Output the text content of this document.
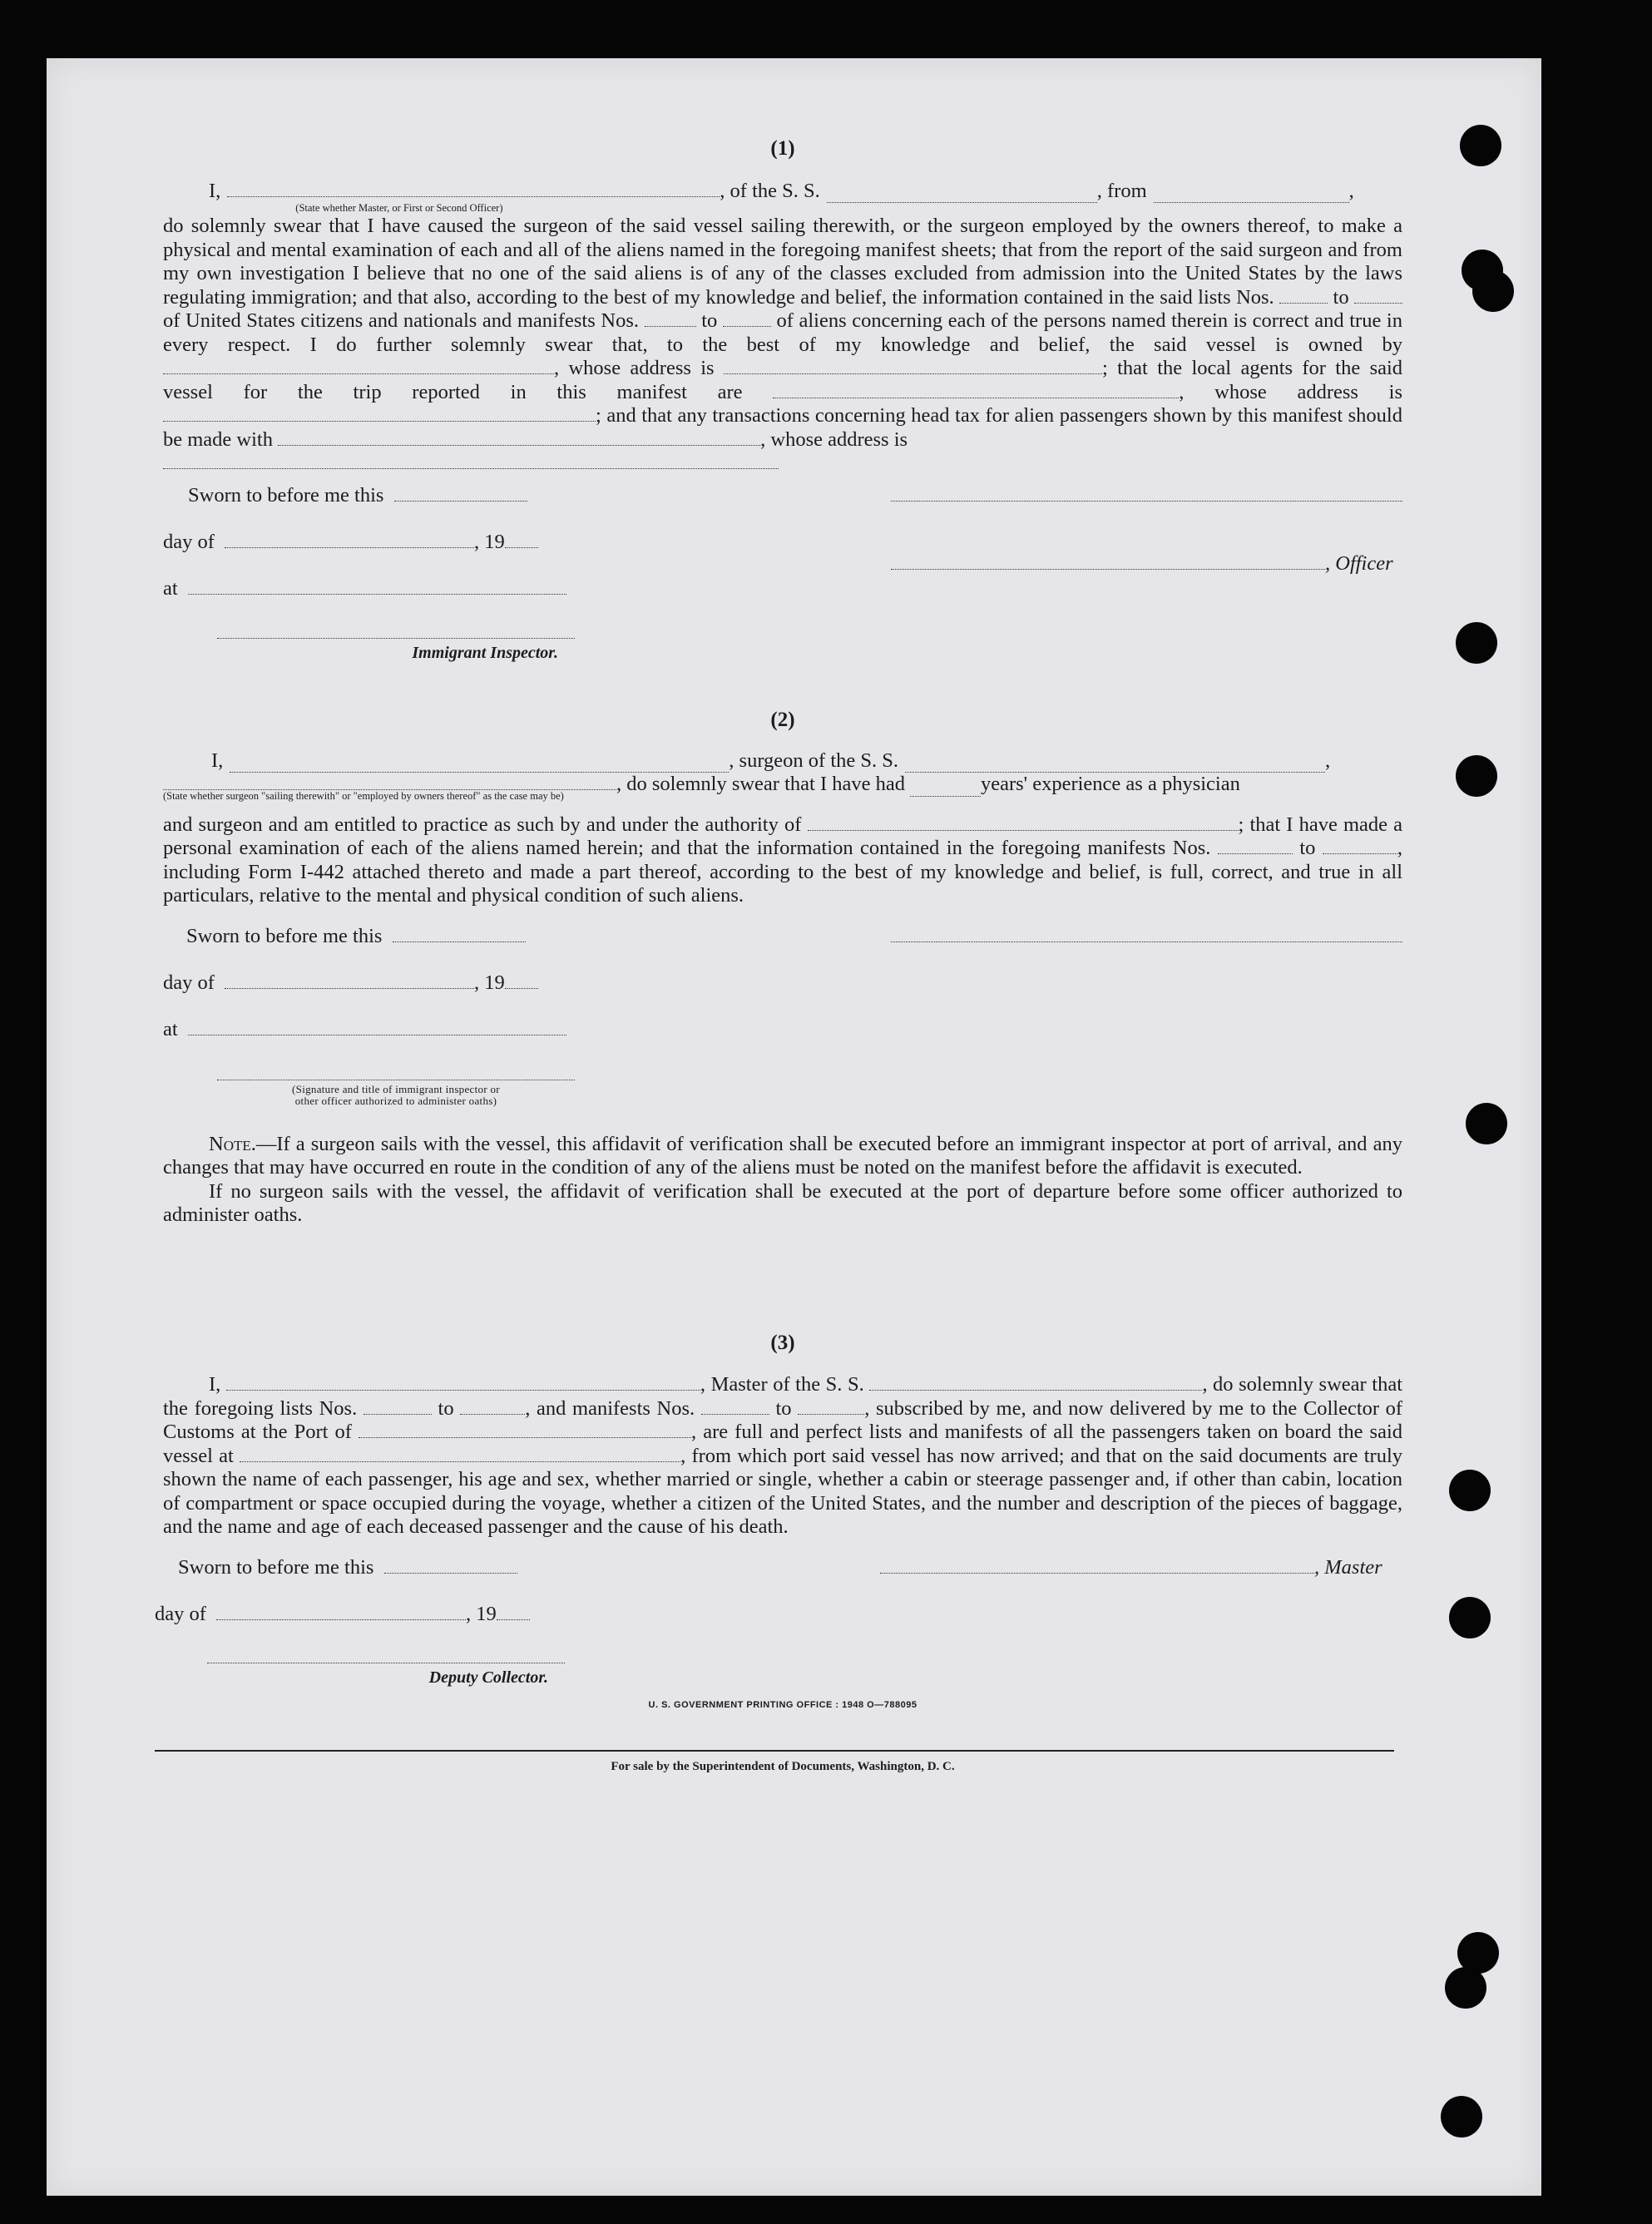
(1)
I,
(State whether Master, or First or Second Officer)
, of the S. S.	, from	,

do solemnly swear that I have caused the surgeon of the said vessel sailing therewith, or the surgeon employed by the owners thereof, to make a physical and mental examination of each and all of the aliens named in the foregoing manifest sheets; that from the report of the said surgeon and from my own investigation I believe that no one of the said aliens is of any of the classes excluded from admission into the United States by the laws regulating immigration; and that also, according to the best of my knowledge and belief, the information contained in the said lists Nos.	to  of United States citizens and nationals and manifests Nos.	to	of aliens concerning each of the persons named therein is correct and true in every respect. I do further solemnly swear that, to the best of my knowledge and belief, the said vessel is owned by , whose address is	; that the local agents for the said vessel for the trip reported in this manifest are	, whose address is ; and that any transactions concerning head tax for alien passengers shown by this manifest should be made with	, whose address is

Sworn to before me this
day of	, 19
at
Immigrant Inspector.
, Officer
(2)
I,	, surgeon of the S. S.	,
(State whether surgeon "sailing therewith" or "employed by owners thereof" as the case may be)
, do solemnly swear that I have had	years' experience as a physician

and surgeon and am entitled to practice as such by and under the authority of	; that I have made a personal examination of each of the aliens named herein; and that the information contained in the foregoing manifests Nos.	to	, including Form I-442 attached thereto and made a part thereof, according to the best of my knowledge and belief, is full, correct, and true in all particulars, relative to the mental and physical condition of such aliens.

Sworn to before me this
day of	, 19
at
(Signature and title of immigrant inspector or
other officer authorized to administer oaths)

Note.—If a surgeon sails with the vessel, this affidavit of verification shall be executed before an immigrant inspector at port of arrival, and any changes that may have occurred en route in the condition of any of the aliens must be noted on the manifest before the affidavit is executed.

If no surgeon sails with the vessel, the affidavit of verification shall be executed at the port of departure before some officer authorized to administer oaths.

(3)

I,	, Master of the S. S.	, do solemnly swear that the foregoing lists Nos.	to	, and manifests Nos.	to	, subscribed by me, and now delivered by me to the Collector of Customs at the Port of	, are full and perfect lists and manifests of all the passengers taken on board the said vessel at	, from which port said vessel has now arrived; and that on the said documents are truly shown the name of each passenger, his age and sex, whether married or single, whether a cabin or steerage passenger and, if other than cabin, location of compartment or space occupied during the voyage, whether a citizen of the United States, and the number and description of the pieces of baggage, and the name and age of each deceased passenger and the cause of his death.

Sworn to before me this	, Master
day of	, 19
Deputy Collector.
U. S. GOVERNMENT PRINTING OFFICE : 1948 O—788095
For sale by the Superintendent of Documents, Washington, D. C.
